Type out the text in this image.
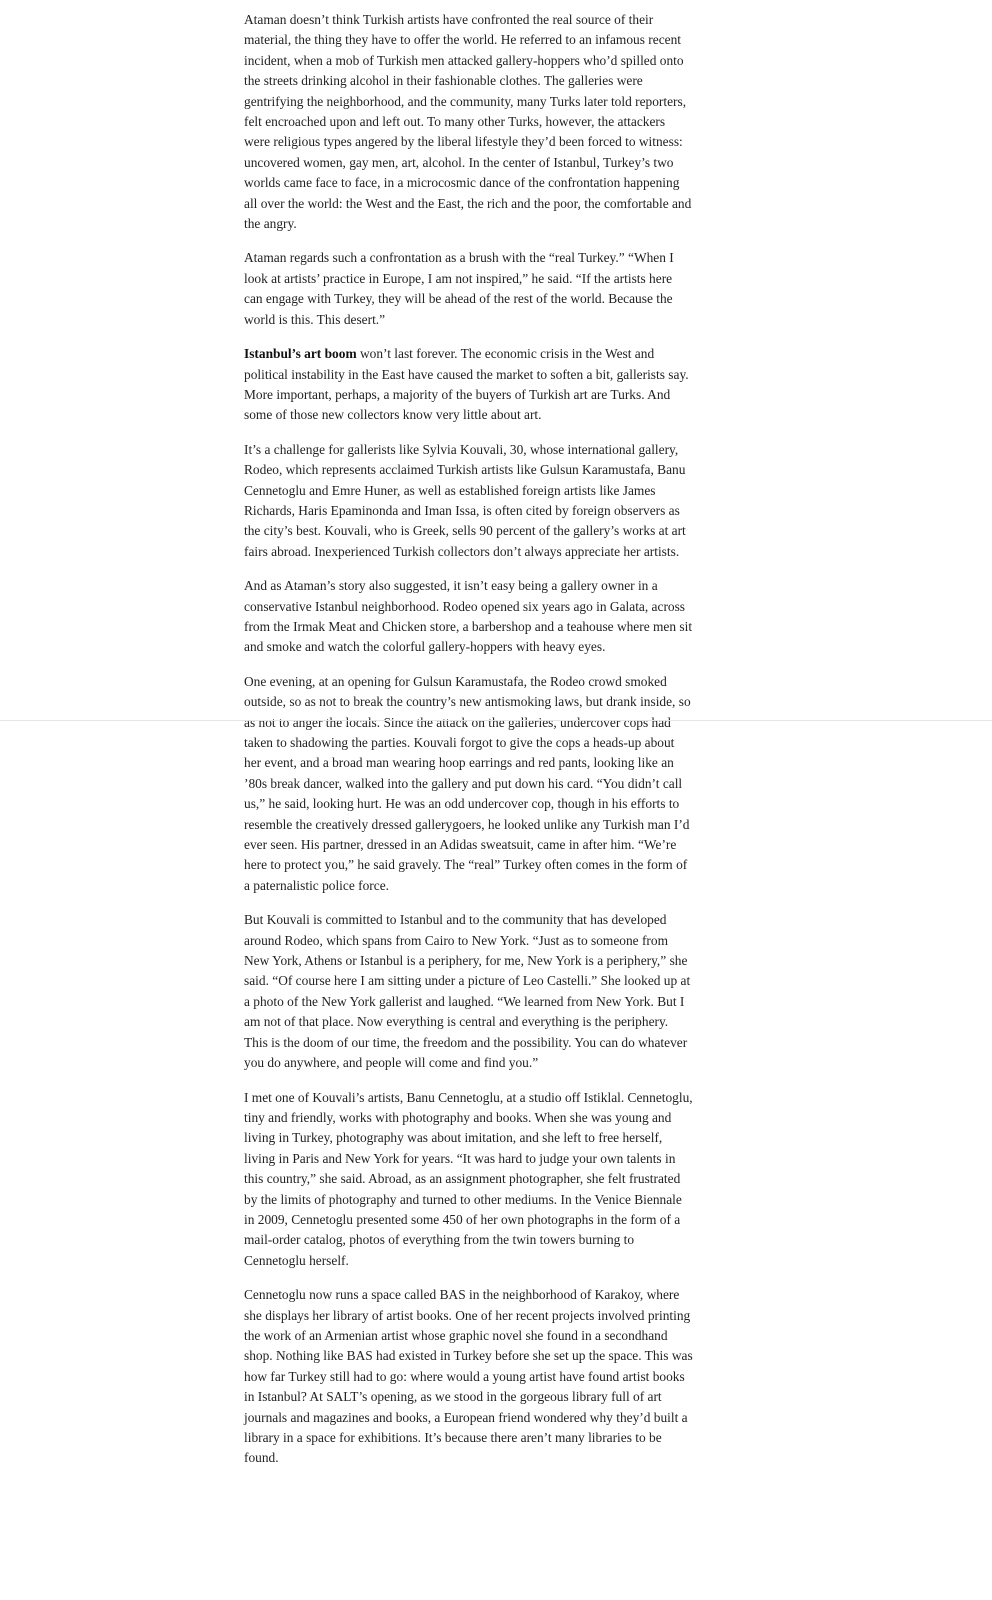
Ataman doesn’t think Turkish artists have confronted the real source of their material, the thing they have to offer the world. He referred to an infamous recent incident, when a mob of Turkish men attacked gallery-hoppers who’d spilled onto the streets drinking alcohol in their fashionable clothes. The galleries were gentrifying the neighborhood, and the community, many Turks later told reporters, felt encroached upon and left out. To many other Turks, however, the attackers were religious types angered by the liberal lifestyle they’d been forced to witness: uncovered women, gay men, art, alcohol. In the center of Istanbul, Turkey’s two worlds came face to face, in a microcosmic dance of the confrontation happening all over the world: the West and the East, the rich and the poor, the comfortable and the angry.

Ataman regards such a confrontation as a brush with the “real Turkey.” “When I look at artists’ practice in Europe, I am not inspired,” he said. “If the artists here can engage with Turkey, they will be ahead of the rest of the world. Because the world is this. This desert.”

Istanbul’s art boom won’t last forever. The economic crisis in the West and political instability in the East have caused the market to soften a bit, gallerists say. More important, perhaps, a majority of the buyers of Turkish art are Turks. And some of those new collectors know very little about art.

It’s a challenge for gallerists like Sylvia Kouvali, 30, whose international gallery, Rodeo, which represents acclaimed Turkish artists like Gulsun Karamustafa, Banu Cennetoglu and Emre Huner, as well as established foreign artists like James Richards, Haris Epaminonda and Iman Issa, is often cited by foreign observers as the city’s best. Kouvali, who is Greek, sells 90 percent of the gallery’s works at art fairs abroad. Inexperienced Turkish collectors don’t always appreciate her artists.

And as Ataman’s story also suggested, it isn’t easy being a gallery owner in a conservative Istanbul neighborhood. Rodeo opened six years ago in Galata, across from the Irmak Meat and Chicken store, a barbershop and a teahouse where men sit and smoke and watch the colorful gallery-hoppers with heavy eyes.

One evening, at an opening for Gulsun Karamustafa, the Rodeo crowd smoked outside, so as not to break the country’s new antismoking laws, but drank inside, so as not to anger the locals. Since the attack on the galleries, undercover cops had taken to shadowing the parties. Kouvali forgot to give the cops a heads-up about her event, and a broad man wearing hoop earrings and red pants, looking like an ’80s break dancer, walked into the gallery and put down his card. “You didn’t call us,” he said, looking hurt. He was an odd undercover cop, though in his efforts to resemble the creatively dressed gallerygoers, he looked unlike any Turkish man I’d ever seen. His partner, dressed in an Adidas sweatsuit, came in after him. “We’re here to protect you,” he said gravely. The “real” Turkey often comes in the form of a paternalistic police force.

But Kouvali is committed to Istanbul and to the community that has developed around Rodeo, which spans from Cairo to New York. “Just as to someone from New York, Athens or Istanbul is a periphery, for me, New York is a periphery,” she said. “Of course here I am sitting under a picture of Leo Castelli.” She looked up at a photo of the New York gallerist and laughed. “We learned from New York. But I am not of that place. Now everything is central and everything is the periphery. This is the doom of our time, the freedom and the possibility. You can do whatever you do anywhere, and people will come and find you.”

I met one of Kouvali’s artists, Banu Cennetoglu, at a studio off Istiklal. Cennetoglu, tiny and friendly, works with photography and books. When she was young and living in Turkey, photography was about imitation, and she left to free herself, living in Paris and New York for years. “It was hard to judge your own talents in this country,” she said. Abroad, as an assignment photographer, she felt frustrated by the limits of photography and turned to other mediums. In the Venice Biennale in 2009, Cennetoglu presented some 450 of her own photographs in the form of a mail-order catalog, photos of everything from the twin towers burning to Cennetoglu herself.

Cennetoglu now runs a space called BAS in the neighborhood of Karakoy, where she displays her library of artist books. One of her recent projects involved printing the work of an Armenian artist whose graphic novel she found in a secondhand shop. Nothing like BAS had existed in Turkey before she set up the space. This was how far Turkey still had to go: where would a young artist have found artist books in Istanbul? At SALT’s opening, as we stood in the gorgeous library full of art journals and magazines and books, a European friend wondered why they’d built a library in a space for exhibitions. It’s because there aren’t many libraries to be found.
